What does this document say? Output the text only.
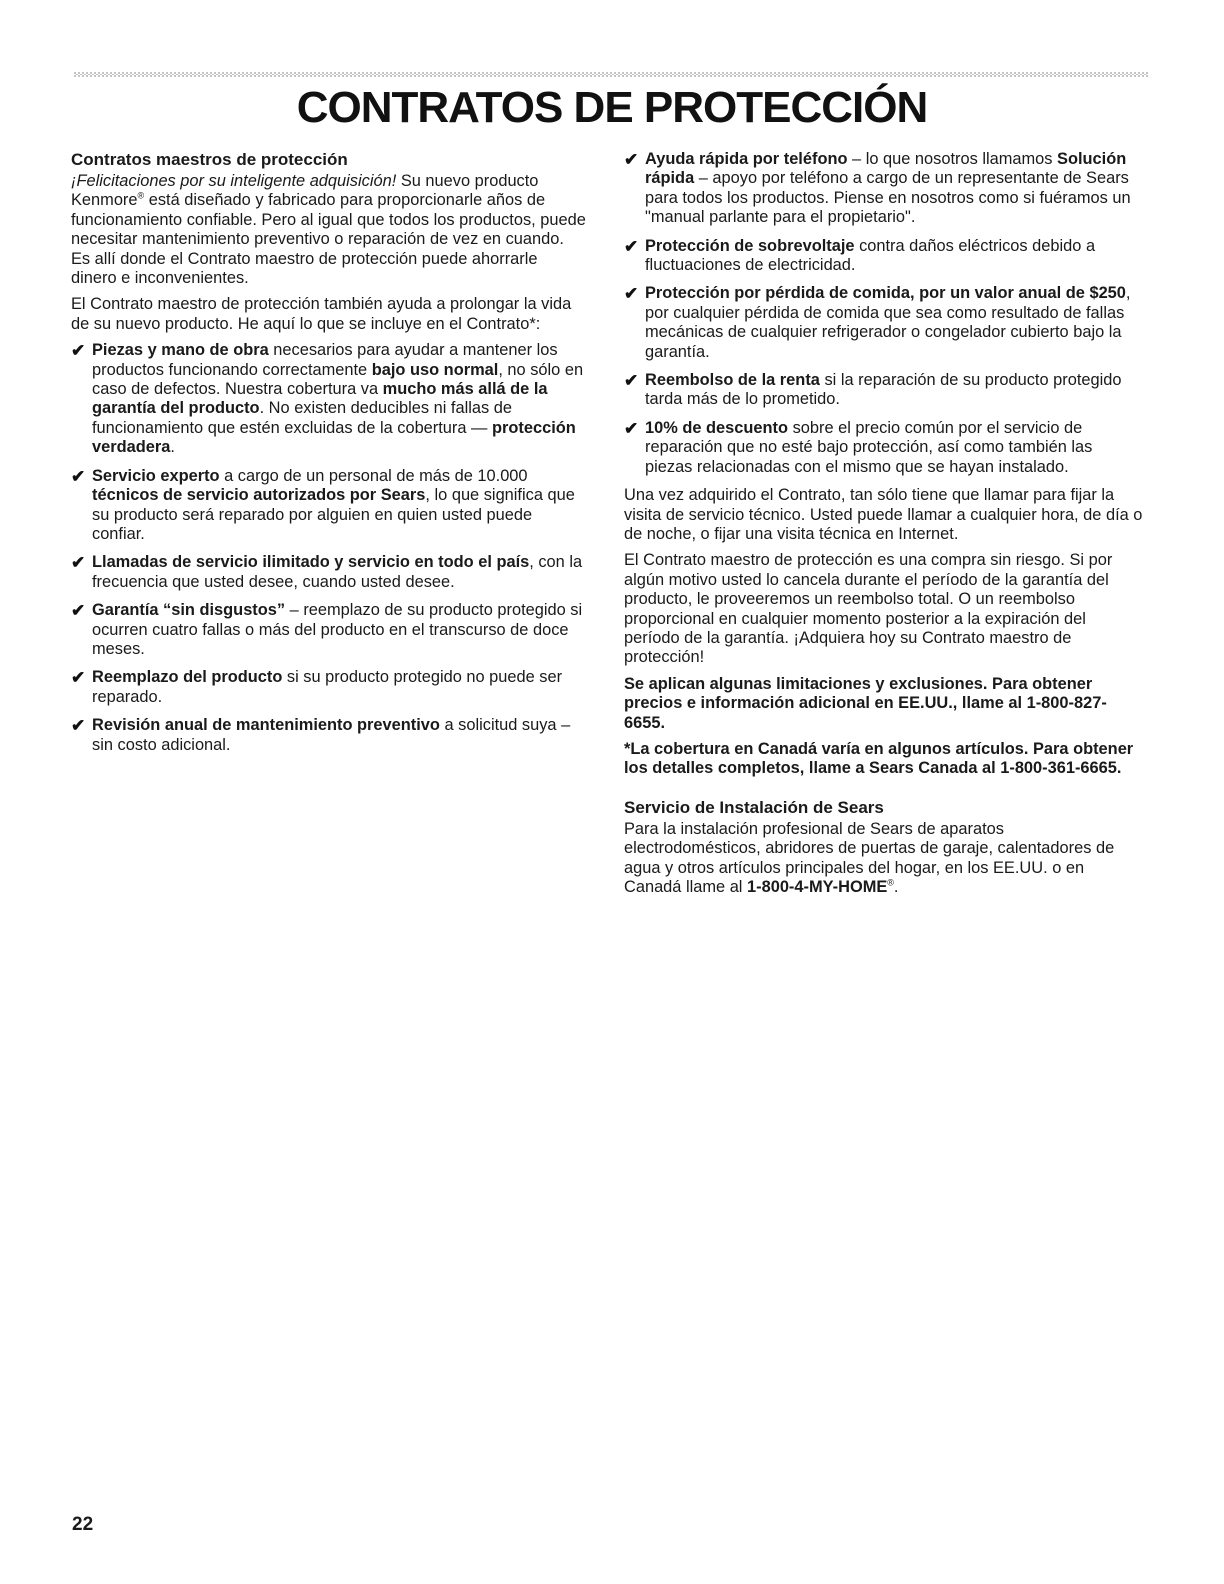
CONTRATOS DE PROTECCIÓN
Contratos maestros de protección

¡Felicitaciones por su inteligente adquisición! Su nuevo producto Kenmore® está diseñado y fabricado para proporcionarle años de funcionamiento confiable. Pero al igual que todos los productos, puede necesitar mantenimiento preventivo o reparación de vez en cuando. Es allí donde el Contrato maestro de protección puede ahorrarle dinero e inconvenientes.

El Contrato maestro de protección también ayuda a prolongar la vida de su nuevo producto. He aquí lo que se incluye en el Contrato*:

✔ Piezas y mano de obra necesarios para ayudar a mantener los productos funcionando correctamente bajo uso normal, no sólo en caso de defectos. Nuestra cobertura va mucho más allá de la garantía del producto. No existen deducibles ni fallas de funcionamiento que estén excluidas de la cobertura — protección verdadera.
✔ Servicio experto a cargo de un personal de más de 10.000 técnicos de servicio autorizados por Sears, lo que significa que su producto será reparado por alguien en quien usted puede confiar.
✔ Llamadas de servicio ilimitado y servicio en todo el país, con la frecuencia que usted desee, cuando usted desee.
✔ Garantía “sin disgustos” – reemplazo de su producto protegido si ocurren cuatro fallas o más del producto en el transcurso de doce meses.
✔ Reemplazo del producto si su producto protegido no puede ser reparado.
✔ Revisión anual de mantenimiento preventivo a solicitud suya – sin costo adicional.
✔ Ayuda rápida por teléfono – lo que nosotros llamamos Solución rápida – apoyo por teléfono a cargo de un representante de Sears para todos los productos. Piense en nosotros como si fuéramos un "manual parlante para el propietario".
✔ Protección de sobrevoltaje contra daños eléctricos debido a fluctuaciones de electricidad.
✔ Protección por pérdida de comida, por un valor anual de $250, por cualquier pérdida de comida que sea como resultado de fallas mecánicas de cualquier refrigerador o congelador cubierto bajo la garantía.
✔ Reembolso de la renta si la reparación de su producto protegido tarda más de lo prometido.
✔ 10% de descuento sobre el precio común por el servicio de reparación que no esté bajo protección, así como también las piezas relacionadas con el mismo que se hayan instalado.

Una vez adquirido el Contrato, tan sólo tiene que llamar para fijar la visita de servicio técnico. Usted puede llamar a cualquier hora, de día o de noche, o fijar una visita técnica en Internet.

El Contrato maestro de protección es una compra sin riesgo. Si por algún motivo usted lo cancela durante el período de la garantía del producto, le proveeremos un reembolso total. O un reembolso proporcional en cualquier momento posterior a la expiración del período de la garantía. ¡Adquiera hoy su Contrato maestro de protección!

Se aplican algunas limitaciones y exclusiones. Para obtener precios e información adicional en EE.UU., llame al 1-800-827-6655.

*La cobertura en Canadá varía en algunos artículos. Para obtener los detalles completos, llame a Sears Canada al 1-800-361-6665.

Servicio de Instalación de Sears

Para la instalación profesional de Sears de aparatos electrodomésticos, abridores de puertas de garaje, calentadores de agua y otros artículos principales del hogar, en los EE.UU. o en Canadá llame al 1-800-4-MY-HOME®.

22
